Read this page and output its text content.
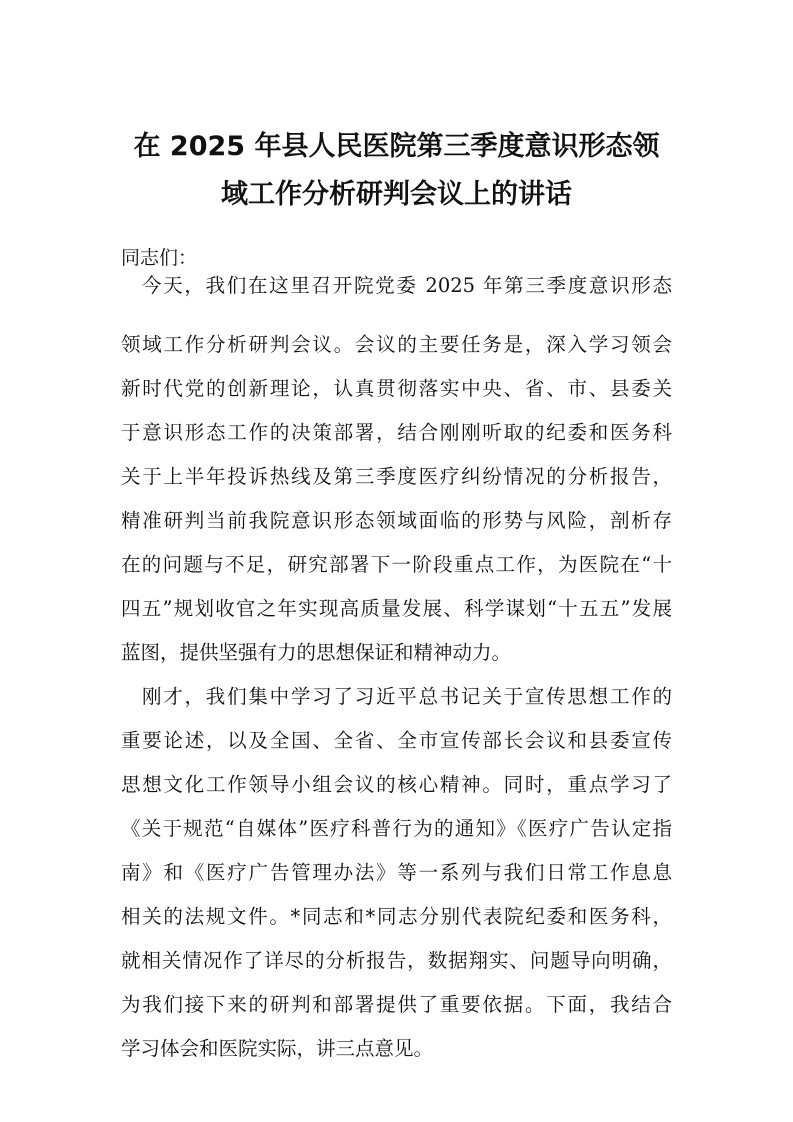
在 2025 年县人民医院第三季度意识形态领
域工作分析研判会议上的讲话
同志们：
今天，我们在这里召开院党委 2025 年第三季度意识形态
领域工作分析研判会议。会议的主要任务是，深入学习领会
新时代党的创新理论，认真贯彻落实中央、省、市、县委关
于意识形态工作的决策部署，结合刚刚听取的纪委和医务科
关于上半年投诉热线及第三季度医疗纠纷情况的分析报告，
精准研判当前我院意识形态领域面临的形势与风险，剖析存
在的问题与不足，研究部署下一阶段重点工作，为医院在“十
四五”规划收官之年实现高质量发展、科学谋划“十五五”发展
蓝图，提供坚强有力的思想保证和精神动力。
刚才，我们集中学习了习近平总书记关于宣传思想工作的
重要论述，以及全国、全省、全市宣传部长会议和县委宣传
思想文化工作领导小组会议的核心精神。同时，重点学习了
《关于规范“自媒体”医疗科普行为的通知》《医疗广告认定指
南》和《医疗广告管理办法》等一系列与我们日常工作息息
相关的法规文件。*同志和*同志分别代表院纪委和医务科，
就相关情况作了详尽的分析报告，数据翔实、问题导向明确，
为我们接下来的研判和部署提供了重要依据。下面，我结合
学习体会和医院实际，讲三点意见。
